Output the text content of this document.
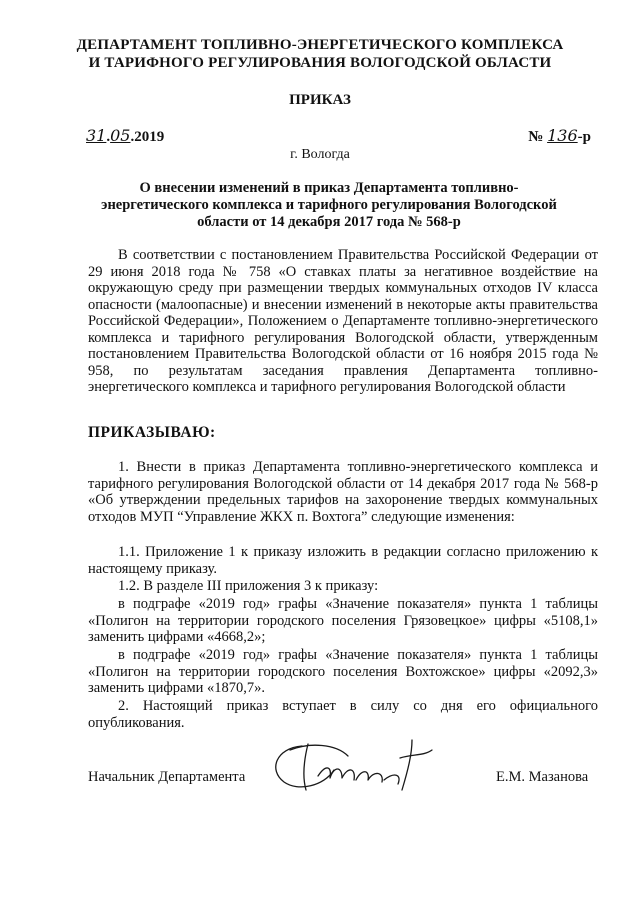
ДЕПАРТАМЕНТ ТОПЛИВНО-ЭНЕРГЕТИЧЕСКОГО КОМПЛЕКСА
И ТАРИФНОГО РЕГУЛИРОВАНИЯ ВОЛОГОДСКОЙ ОБЛАСТИ
ПРИКАЗ
31.05.2019	№ 136-р
г. Вологда
О внесении изменений в приказ Департамента топливно-
энергетического комплекса и тарифного регулирования Вологодской
области от 14 декабря 2017 года № 568-р
В соответствии с постановлением Правительства Российской Федерации от 29 июня 2018 года № 758 «О ставках платы за негативное воздействие на окружающую среду при размещении твердых коммунальных отходов IV класса опасности (малоопасные) и внесении изменений в некоторые акты правительства Российской Федерации», Положением о Департаменте топливно-энергетического комплекса и тарифного регулирования Вологодской области, утвержденным постановлением Правительства Вологодской области от 16 ноября 2015 года № 958, по результатам заседания правления Департамента топливно-энергетического комплекса и тарифного регулирования Вологодской области
ПРИКАЗЫВАЮ:
1. Внести в приказ Департамента топливно-энергетического комплекса и тарифного регулирования Вологодской области от 14 декабря 2017 года № 568-р «Об утверждении предельных тарифов на захоронение твердых коммунальных отходов МУП “Управление ЖКХ п. Вохтога” следующие изменения:
1.1. Приложение 1 к приказу изложить в редакции согласно приложению к настоящему приказу.
1.2. В разделе III приложения 3 к приказу:
в подграфе «2019 год» графы «Значение показателя» пункта 1 таблицы «Полигон на территории городского поселения Грязовецкое» цифры «5108,1» заменить цифрами «4668,2»;
в подграфе «2019 год» графы «Значение показателя» пункта 1 таблицы «Полигон на территории городского поселения Вохтожское» цифры «2092,3» заменить цифрами «1870,7».
2. Настоящий приказ вступает в силу со дня его официального опубликования.
Начальник Департамента	Е.М. Мазанова
